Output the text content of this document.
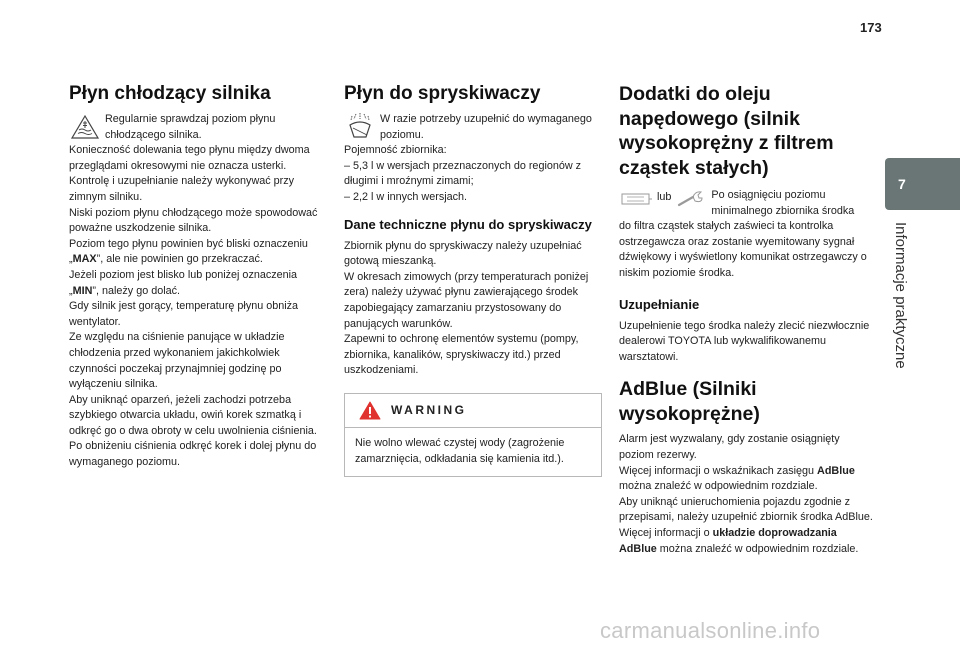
173
7
Informacje praktyczne
Płyn chłodzący silnika

Regularnie sprawdzaj poziom płynu chłodzącego silnika.

Konieczność dolewania tego płynu między dwoma przeglądami okresowymi nie oznacza usterki.

Kontrolę i uzupełnianie należy wykonywać przy zimnym silniku.

Niski poziom płynu chłodzącego może spowodować poważne uszkodzenie silnika.

Poziom tego płynu powinien być bliski oznaczeniu „MAX”, ale nie powinien go przekraczać.

Jeżeli poziom jest blisko lub poniżej oznaczenia „MIN”, należy go dolać.

Gdy silnik jest gorący, temperaturę płynu obniża wentylator.

Ze względu na ciśnienie panujące w układzie chłodzenia przed wykonaniem jakichkolwiek czynności poczekaj przynajmniej godzinę po wyłączeniu silnika.

Aby uniknąć oparzeń, jeżeli zachodzi potrzeba szybkiego otwarcia układu, owiń korek szmatką i odkręć go o dwa obroty w celu uwolnienia ciśnienia.

Po obniżeniu ciśnienia odkręć korek i dolej płynu do wymaganego poziomu.

Płyn do spryskiwaczy

W razie potrzeby uzupełnić do wymaganego poziomu.

Pojemność zbiornika:

– 5,3 l w wersjach przeznaczonych do regionów z długimi i mroźnymi zimami;

– 2,2 l w innych wersjach.

Dane techniczne płynu do spryskiwaczy

Zbiornik płynu do spryskiwaczy należy uzupełniać gotową mieszanką.

W okresach zimowych (przy temperaturach poniżej zera) należy używać płynu zawierającego środek zapobiegający zamarzaniu przystosowany do panujących warunków.

Zapewni to ochronę elementów systemu (pompy, zbiornika, kanalików, spryskiwaczy itd.) przed uszkodzeniami.

WARNING

Nie wolno wlewać czystej wody (zagrożenie zamarznięcia, odkładania się kamienia itd.).

Dodatki do oleju napędowego (silnik wysokoprężny z filtrem cząstek stałych)
lub	Po osiągnięciu poziomu minimalnego zbiornika środka

do filtra cząstek stałych zaświeci ta kontrolka ostrzegawcza oraz zostanie wyemitowany sygnał dźwiękowy i wyświetlony komunikat ostrzegawczy o niskim poziomie środka.

Uzupełnianie

Uzupełnienie tego środka należy zlecić niezwłocznie dealerowi TOYOTA lub wykwalifikowanemu warsztatowi.

AdBlue (Silniki wysokoprężne)

Alarm jest wyzwalany, gdy zostanie osiągnięty poziom rezerwy.

Więcej informacji o wskaźnikach zasięgu AdBlue można znaleźć w odpowiednim rozdziale.

Aby uniknąć unieruchomienia pojazdu zgodnie z przepisami, należy uzupełnić zbiornik środka AdBlue.

Więcej informacji o układzie doprowadzania AdBlue można znaleźć w odpowiednim rozdziale.

carmanualsonline.info
